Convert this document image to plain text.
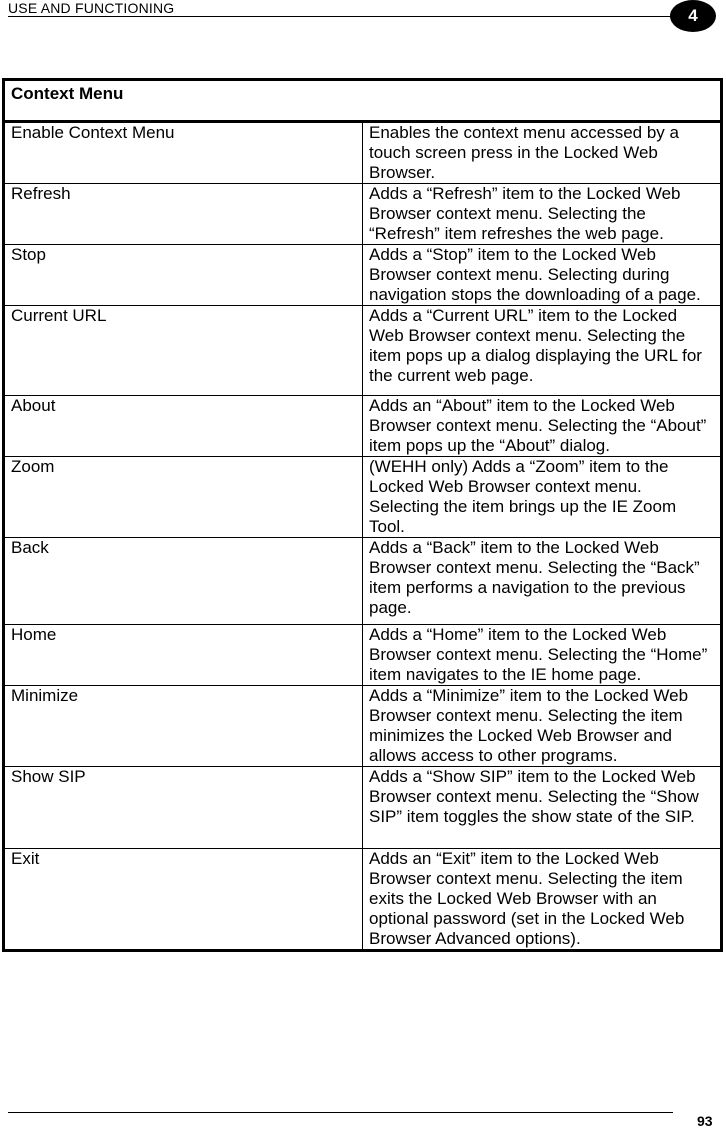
USE AND FUNCTIONING	4
Context Menu	
Enable Context Menu	Enables the context menu accessed by a touch screen press in the Locked Web Browser.
Refresh	Adds a “Refresh” item to the Locked Web Browser context menu. Selecting the “Refresh” item refreshes the web page.
Stop	Adds a “Stop” item to the Locked Web Browser context menu. Selecting during navigation stops the downloading of a page.
Current URL	Adds a “Current URL” item to the Locked Web Browser context menu. Selecting the item pops up a dialog displaying the URL for the current web page.
About	Adds an “About” item to the Locked Web Browser context menu. Selecting the “About” item pops up the “About” dialog.
Zoom	(WEHH only) Adds a “Zoom” item to the Locked Web Browser context menu. Selecting the item brings up the IE Zoom Tool.
Back	Adds a “Back” item to the Locked Web Browser context menu. Selecting the “Back” item performs a navigation to the previous page.
Home	Adds a “Home” item to the Locked Web Browser context menu. Selecting the “Home” item navigates to the IE home page.
Minimize	Adds a “Minimize” item to the Locked Web Browser context menu. Selecting the item minimizes the Locked Web Browser and allows access to other programs.
Show SIP	Adds a “Show SIP” item to the Locked Web Browser context menu. Selecting the “Show SIP” item toggles the show state of the SIP.
Exit	Adds an “Exit” item to the Locked Web Browser context menu. Selecting the item exits the Locked Web Browser with an optional password (set in the Locked Web Browser Advanced options).
93
